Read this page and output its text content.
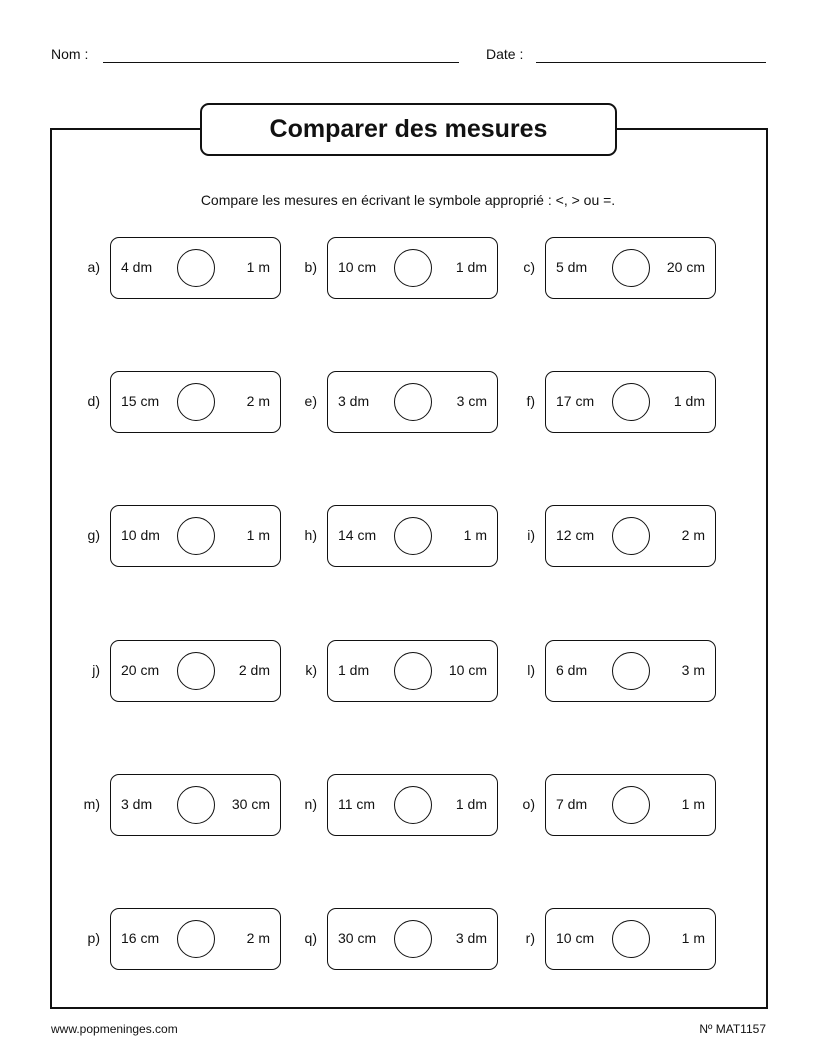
Nom :	Date :
Comparer des mesures
Compare les mesures en écrivant le symbole approprié : <, > ou =.
a) 4 dm	1 m	b) 10 cm	1 dm	c) 5 dm	20 cm
d) 15 cm	2 m	e) 3 dm	3 cm	f) 17 cm	1 dm
g) 10 dm	1 m	h) 14 cm	1 m	i) 12 cm	2 m
j) 20 cm	2 dm	k) 1 dm	10 cm	l) 6 dm	3 m
m) 3 dm	30 cm	n) 11 cm	1 dm	o) 7 dm	1 m
p) 16 cm	2 m	q) 30 cm	3 dm	r) 10 cm	1 m
www.popmeninges.com	Nº MAT1157
